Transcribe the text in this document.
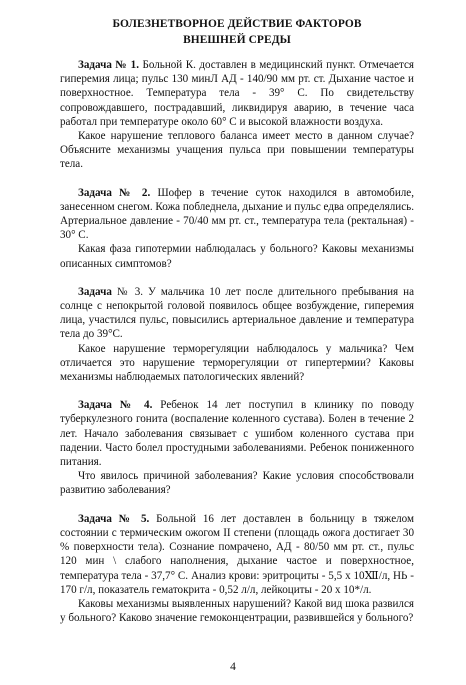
БОЛЕЗНЕТВОРНОЕ ДЕЙСТВИЕ ФАКТОРОВ
ВНЕШНЕЙ СРЕДЫ

Задача № 1. Больной К. доставлен в медицинский пункт. Отмечается гиперемия лица; пульс 130 минЛ АД - 140/90 мм рт. ст. Дыхание частое и поверхностное. Температура тела - 39° С. По свидетельству сопровождавшего, пострадавший, ликвидируя аварию, в течение часа работал при температуре около 60° С и высокой влажности воздуха.

Какое нарушение теплового баланса имеет место в данном случае? Объясните механизмы учащения пульса при повышении температуры тела.

Задача № 2. Шофер в течение суток находился в автомобиле, занесенном снегом. Кожа побледнела, дыхание и пульс едва определялись. Артериальное давление - 70/40 мм рт. ст., температура тела (ректальная) - 30° С.

Какая фаза гипотермии наблюдалась у больного? Каковы механизмы описанных симптомов?

Задача № 3. У мальчика 10 лет после длительного пребывания на солнце с непокрытой головой появилось общее возбуждение, гиперемия лица, участился пульс, повысились артериальное давление и температура тела до 39°С.

Какое нарушение терморегуляции наблюдалось у мальчика? Чем отличается это нарушение терморегуляции от гипертермии? Каковы механизмы наблюдаемых патологических явлений?

Задача № 4. Ребенок 14 лет поступил в клинику по поводу туберкулезного гонита (воспаление коленного сустава). Болен в течение 2 лет. Начало заболевания связывает с ушибом коленного сустава при падении. Часто болел простудными заболеваниями. Ребенок пониженного питания.

Что явилось причиной заболевания? Какие условия способствовали развитию заболевания?

Задача № 5. Больной 16 лет доставлен в больницу в тяжелом состоянии с термическим ожогом II степени (площадь ожога достигает 30 % поверхности тела). Сознание помрачено, АД - 80/50 мм рт. ст., пульс 120 мин \ слабого наполнения, дыхание частое и поверхностное, температура тела - 37,7° С. Анализ крови: эритроциты - 5,5 х 10Ⅻ/л, НЬ - 170 г/л, показатель гематокрита - 0,52 л/л, лейкоциты - 20 х 10*/л.

Каковы механизмы выявленных нарушений? Какой вид шока развился у больного? Каково значение гемоконцентрации, развившейся у больного?

4
